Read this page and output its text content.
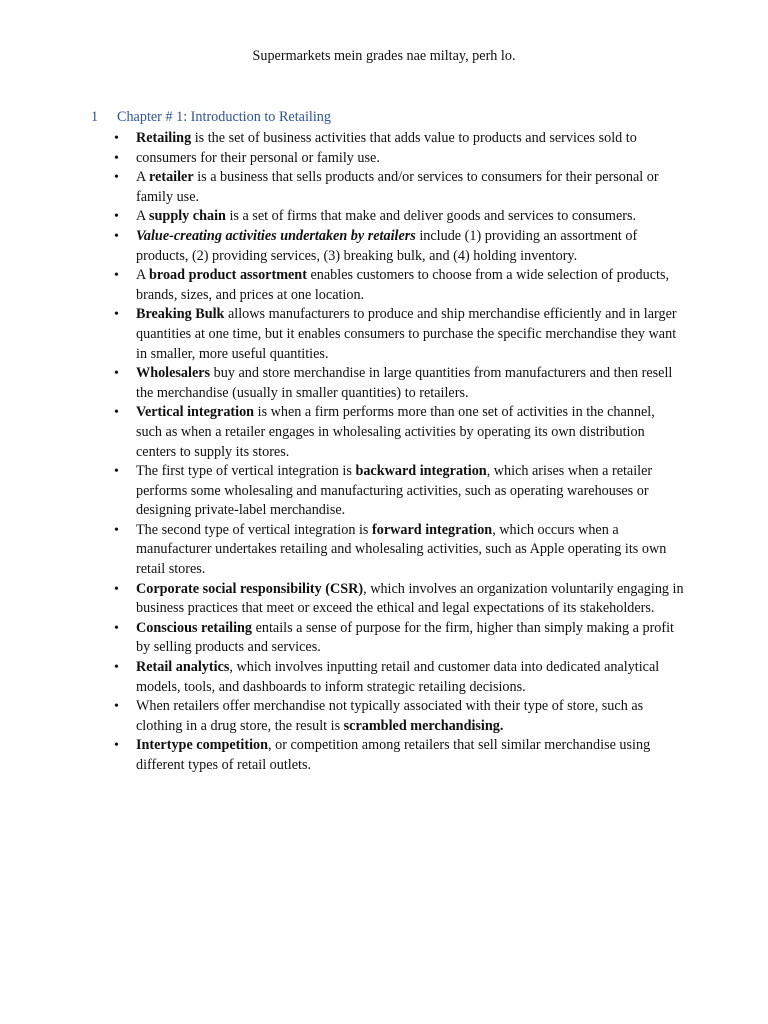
Supermarkets mein grades nae miltay, perh lo.
1 Chapter # 1: Introduction to Retailing
• Retailing is the set of business activities that adds value to products and services sold to
• consumers for their personal or family use.
• A retailer is a business that sells products and/or services to consumers for their personal or family use.
• A supply chain is a set of firms that make and deliver goods and services to consumers.
• Value-creating activities undertaken by retailers include (1) providing an assortment of products, (2) providing services, (3) breaking bulk, and (4) holding inventory.
• A broad product assortment enables customers to choose from a wide selection of products, brands, sizes, and prices at one location.
• Breaking Bulk allows manufacturers to produce and ship merchandise efficiently and in larger quantities at one time, but it enables consumers to purchase the specific merchandise they want in smaller, more useful quantities.
• Wholesalers buy and store merchandise in large quantities from manufacturers and then resell the merchandise (usually in smaller quantities) to retailers.
• Vertical integration is when a firm performs more than one set of activities in the channel, such as when a retailer engages in wholesaling activities by operating its own distribution centers to supply its stores.
• The first type of vertical integration is backward integration, which arises when a retailer performs some wholesaling and manufacturing activities, such as operating warehouses or designing private-label merchandise.
• The second type of vertical integration is forward integration, which occurs when a manufacturer undertakes retailing and wholesaling activities, such as Apple operating its own retail stores.
• Corporate social responsibility (CSR), which involves an organization voluntarily engaging in business practices that meet or exceed the ethical and legal expectations of its stakeholders.
• Conscious retailing entails a sense of purpose for the firm, higher than simply making a profit by selling products and services.
• Retail analytics, which involves inputting retail and customer data into dedicated analytical models, tools, and dashboards to inform strategic retailing decisions.
• When retailers offer merchandise not typically associated with their type of store, such as clothing in a drug store, the result is scrambled merchandising.
• Intertype competition, or competition among retailers that sell similar merchandise using different types of retail outlets.
